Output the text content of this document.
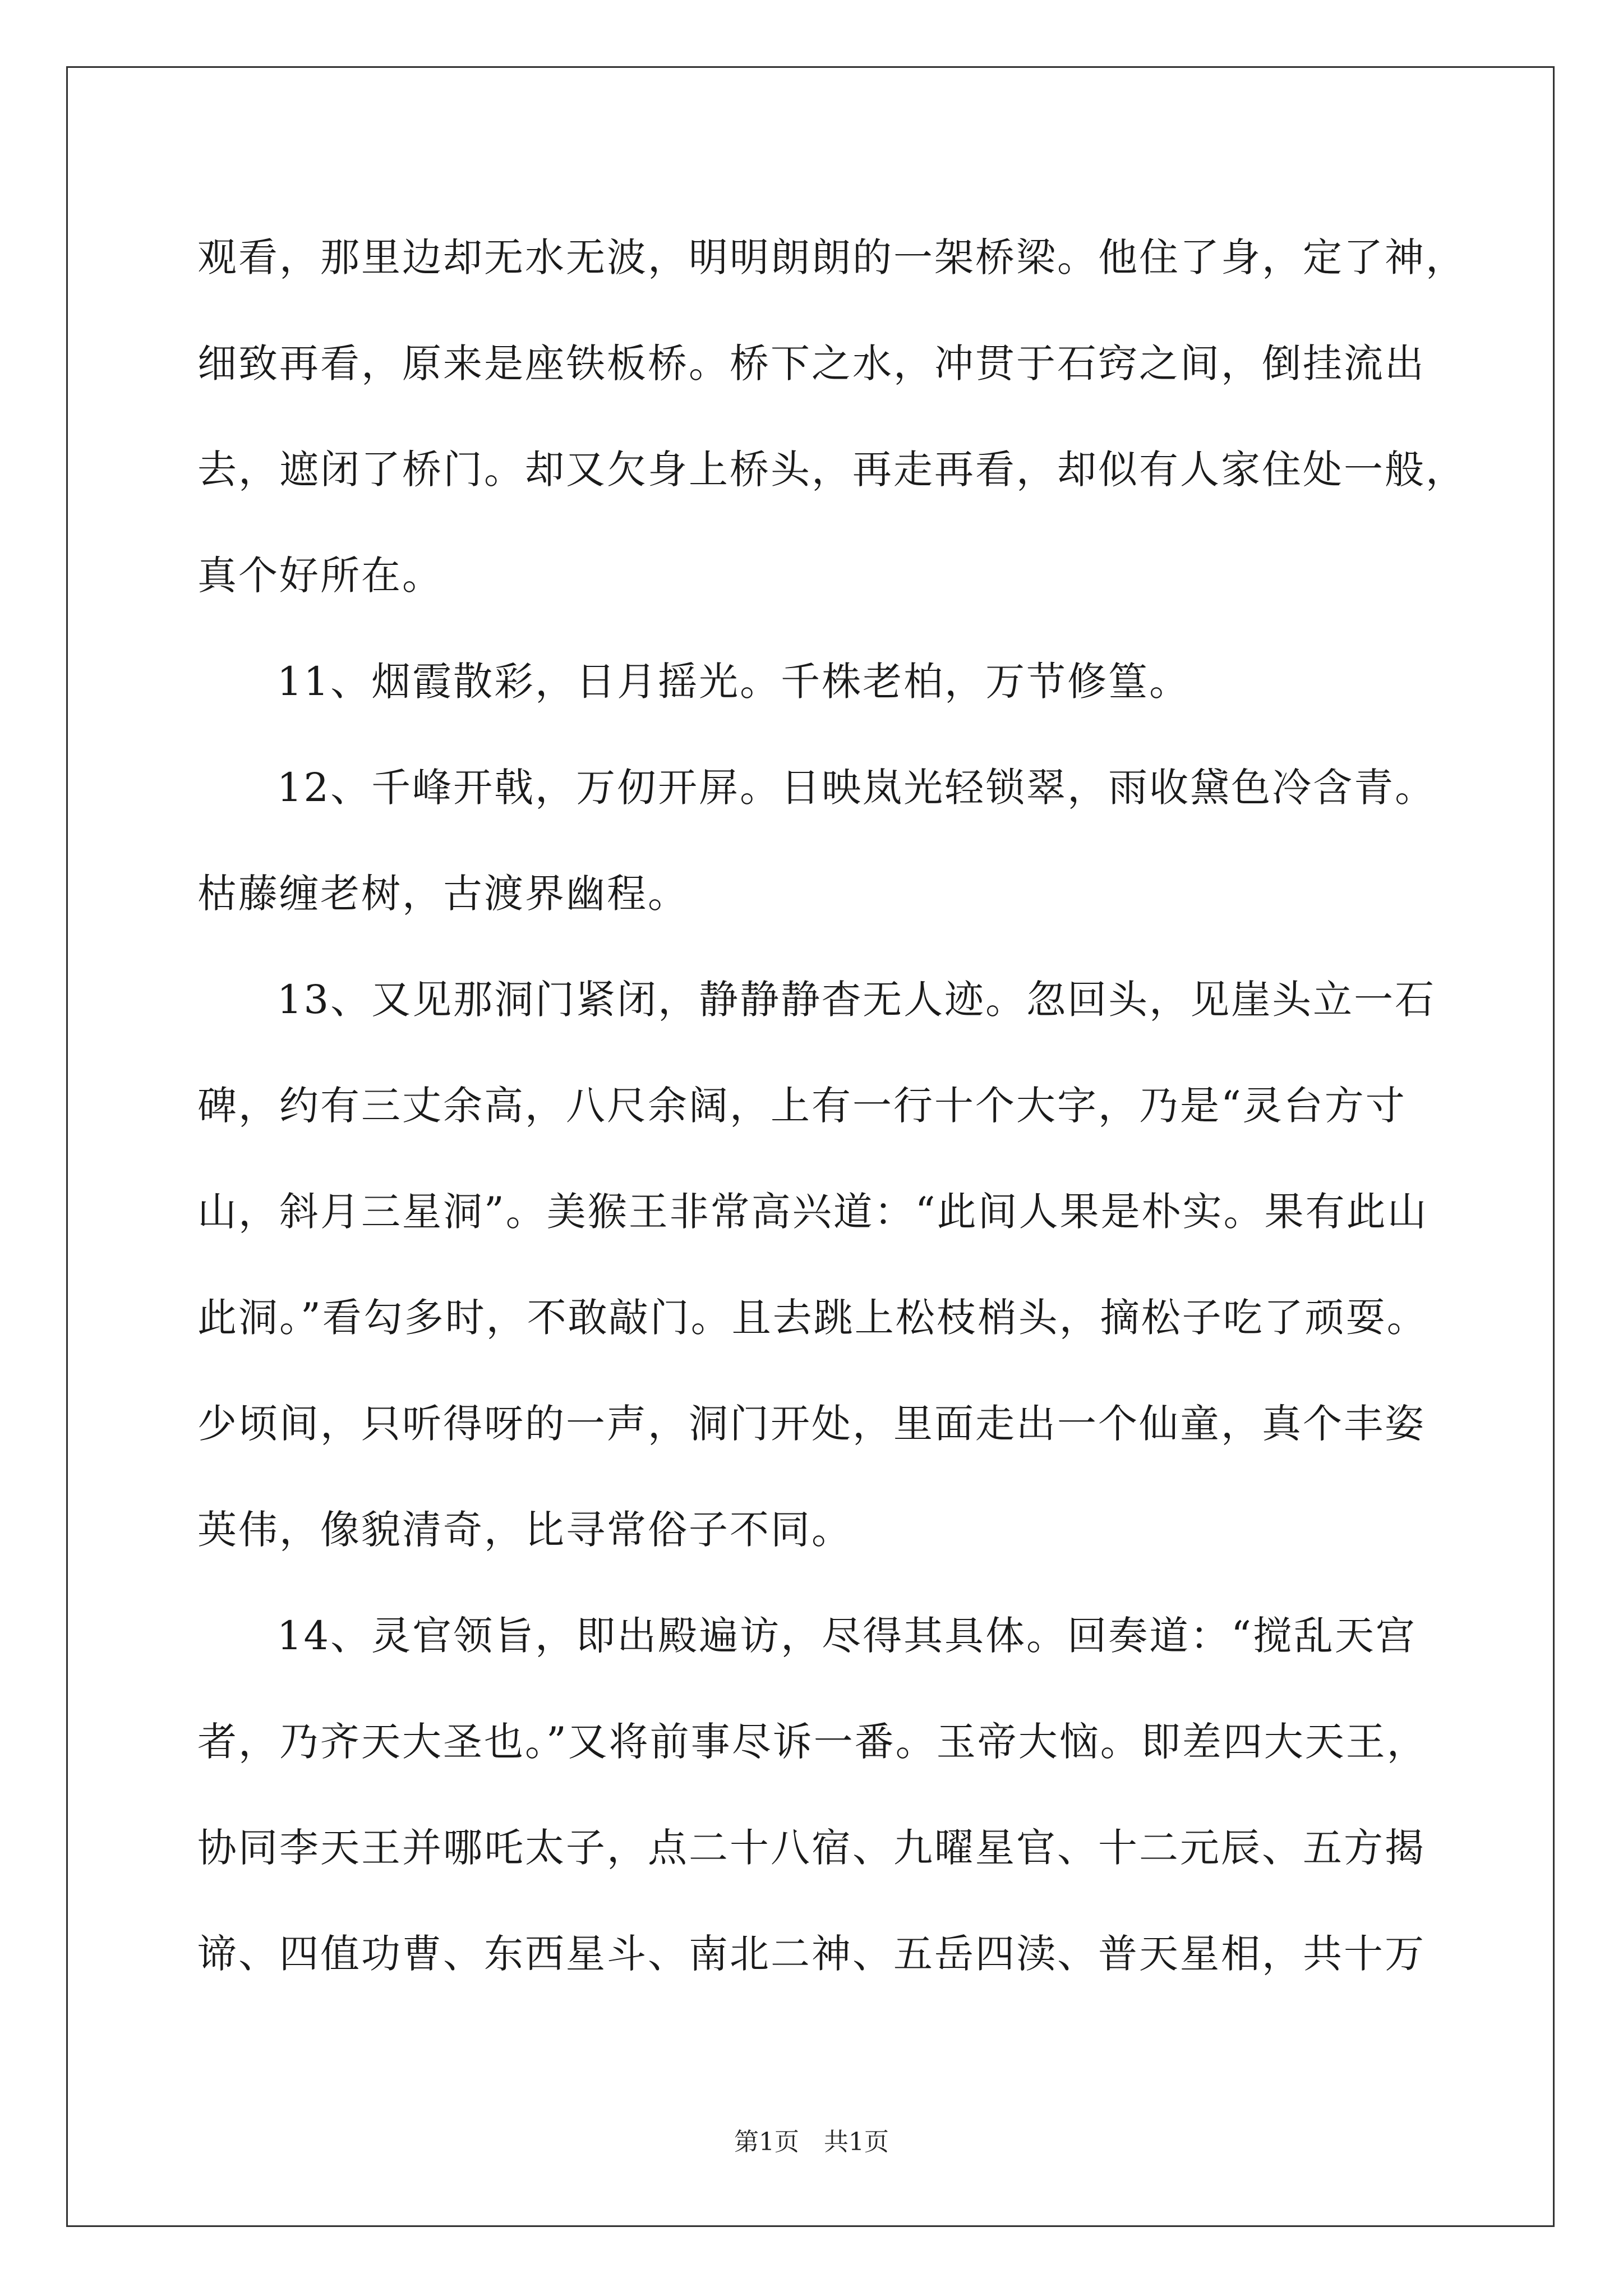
观看，那里边却无水无波，明明朗朗的一架桥梁。他住了身，定了神，
细致再看，原来是座铁板桥。桥下之水，冲贯于石窍之间，倒挂流出
去，遮闭了桥门。却又欠身上桥头，再走再看，却似有人家住处一般，
真个好所在。
11、烟霞散彩，日月摇光。千株老柏，万节修篁。
12、千峰开戟，万仞开屏。日映岚光轻锁翠，雨收黛色冷含青。
枯藤缠老树，古渡界幽程。
13、又见那洞门紧闭，静静静杳无人迹。忽回头，见崖头立一石
碑，约有三丈余高，八尺余阔，上有一行十个大字，乃是“灵台方寸
山，斜月三星洞”。美猴王非常高兴道：“此间人果是朴实。果有此山
此洞。”看勾多时，不敢敲门。且去跳上松枝梢头，摘松子吃了顽耍。
少顷间，只听得呀的一声，洞门开处，里面走出一个仙童，真个丰姿
英伟，像貌清奇，比寻常俗子不同。
14、灵官领旨，即出殿遍访，尽得其具体。回奏道：“搅乱天宫
者，乃齐天大圣也。”又将前事尽诉一番。玉帝大恼。即差四大天王，
协同李天王并哪吒太子，点二十八宿、九曜星官、十二元辰、五方揭
谛、四值功曹、东西星斗、南北二神、五岳四渎、普天星相，共十万
第1页　共1页
